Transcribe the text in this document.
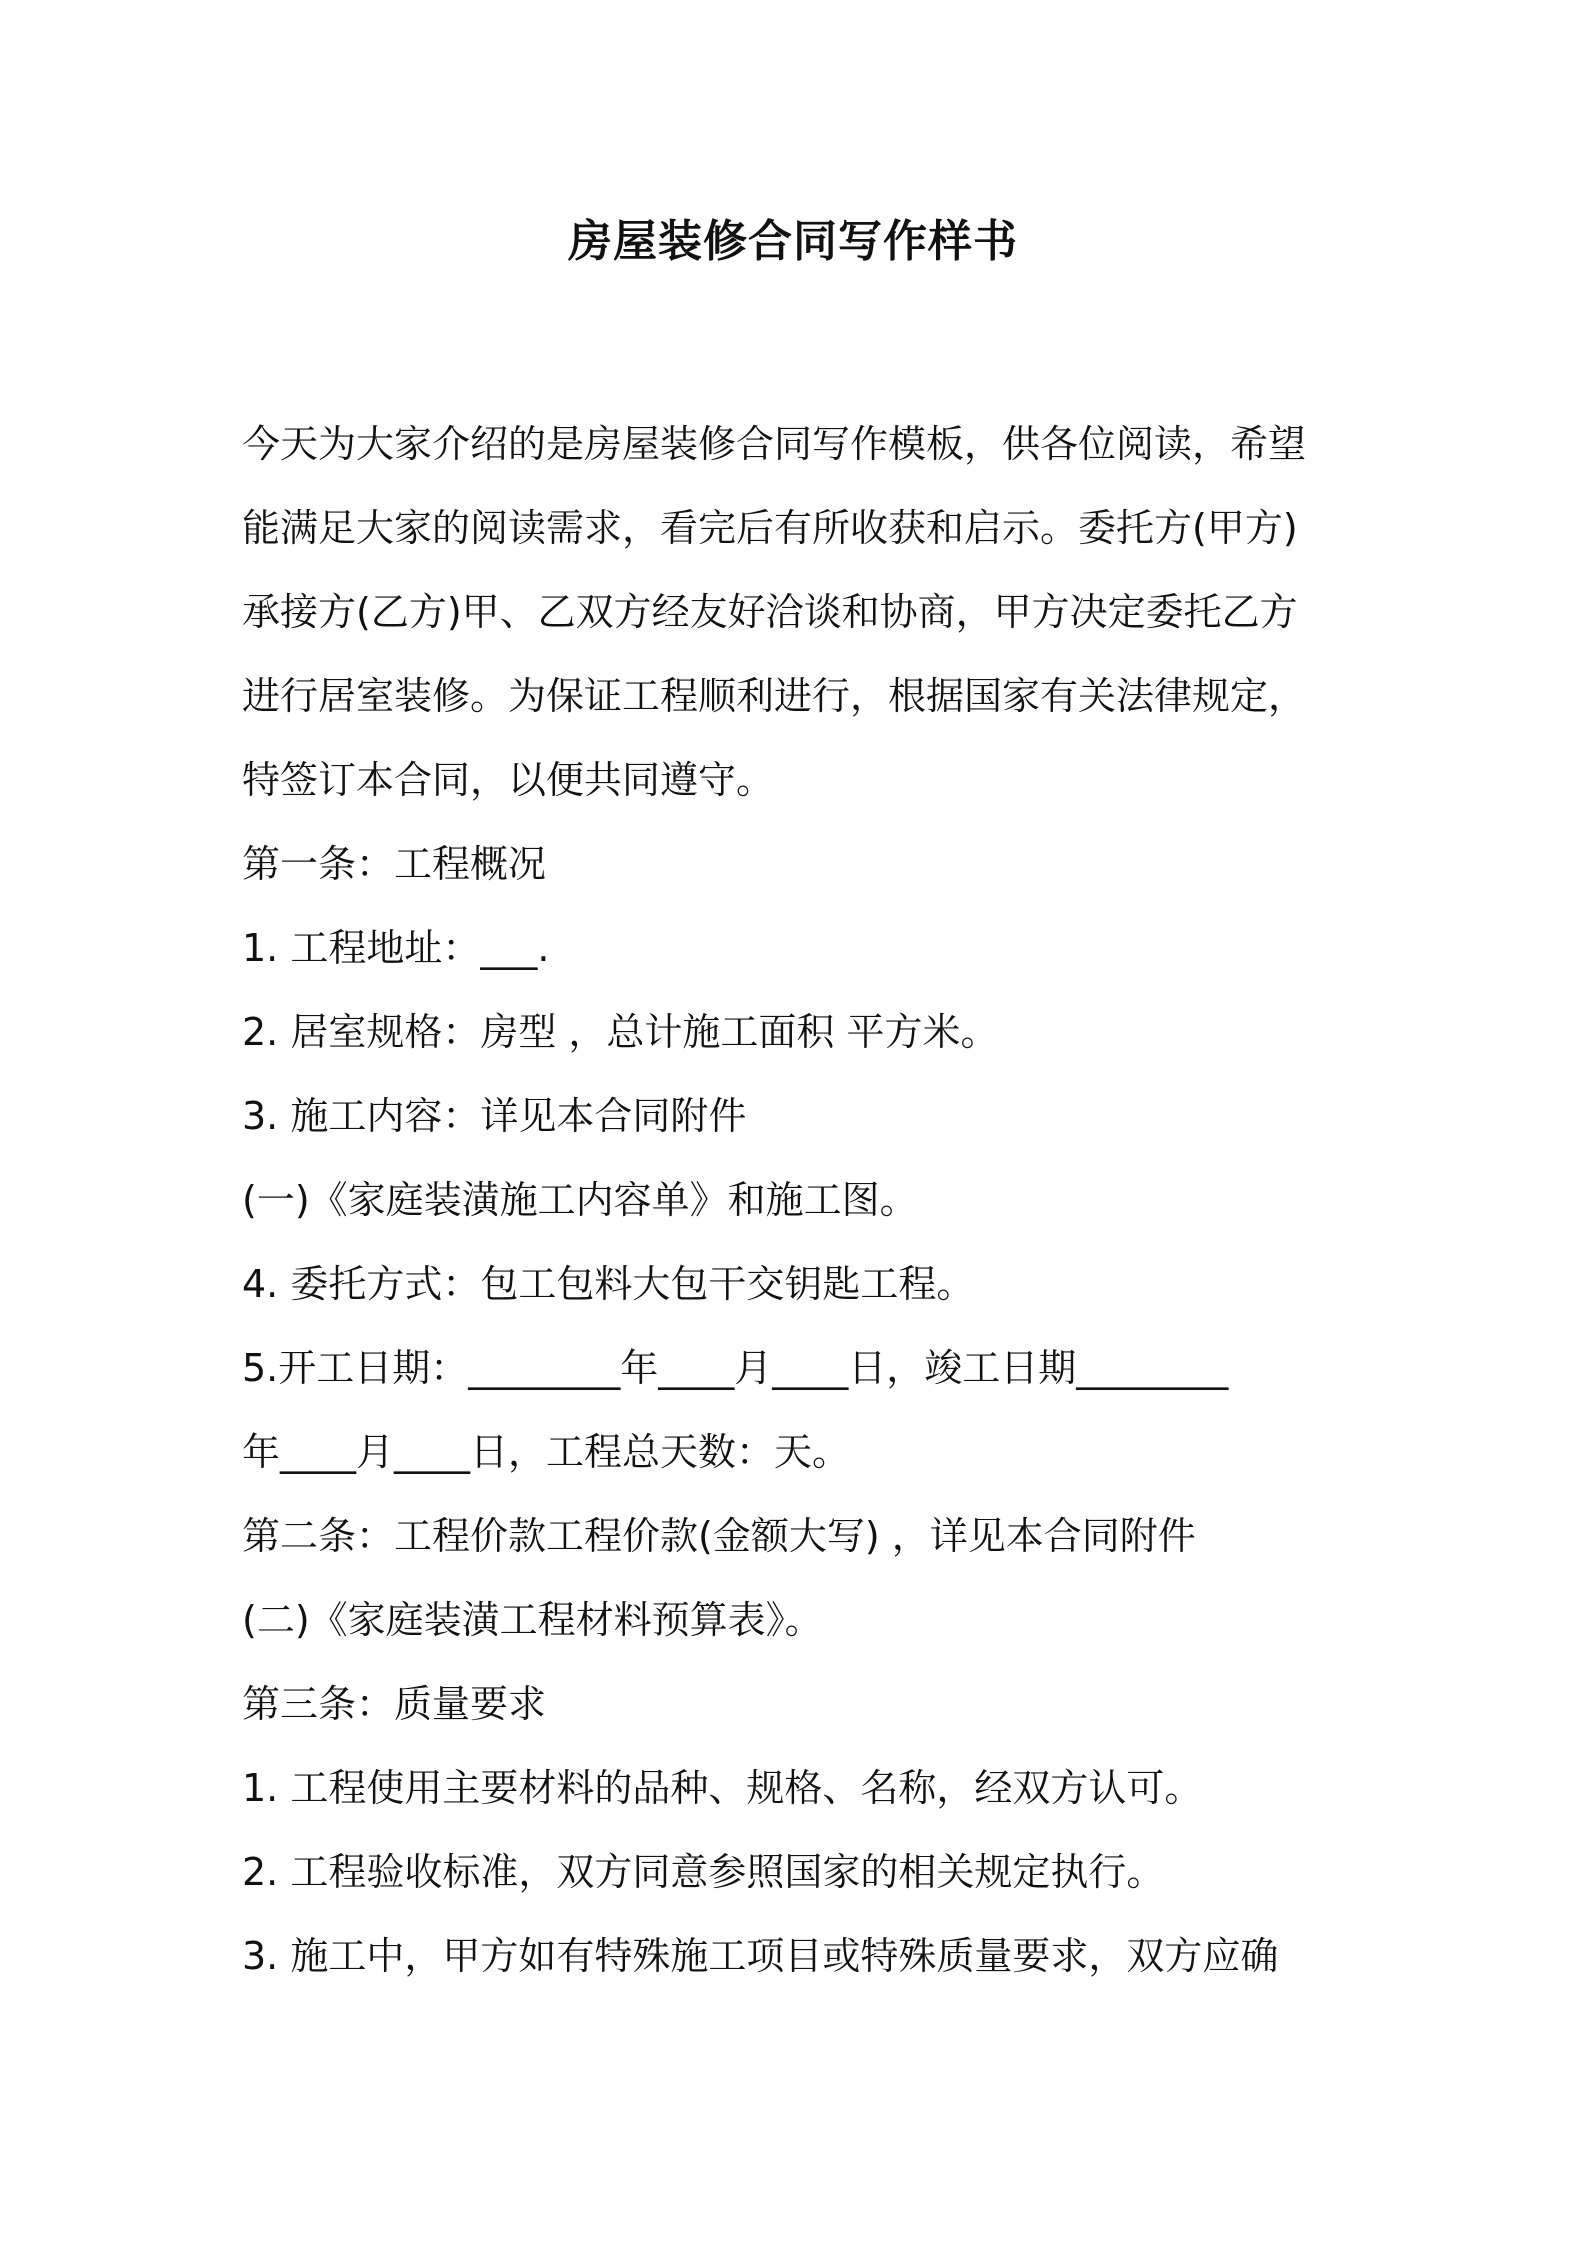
房屋装修合同写作样书
今天为大家介绍的是房屋装修合同写作模板，供各位阅读，希望
能满足大家的阅读需求，看完后有所收获和启示。委托方(甲方)
承接方(乙方)甲、乙双方经友好洽谈和协商，甲方决定委托乙方
进行居室装修。为保证工程顺利进行，根据国家有关法律规定，
特签订本合同，以便共同遵守。
第一条：工程概况
1. 工程地址：___.
2. 居室规格：房型 ，总计施工面积 平方米。
3. 施工内容：详见本合同附件
(一)《家庭装潢施工内容单》和施工图。
4. 委托方式：包工包料大包干交钥匙工程。
5.开工日期：________年____月____日，竣工日期________
年____月____日，工程总天数：天。
第二条：工程价款工程价款(金额大写) ，详见本合同附件
(二)《家庭装潢工程材料预算表》。
第三条：质量要求
1. 工程使用主要材料的品种、规格、名称，经双方认可。
2. 工程验收标准，双方同意参照国家的相关规定执行。
3. 施工中，甲方如有特殊施工项目或特殊质量要求，双方应确
